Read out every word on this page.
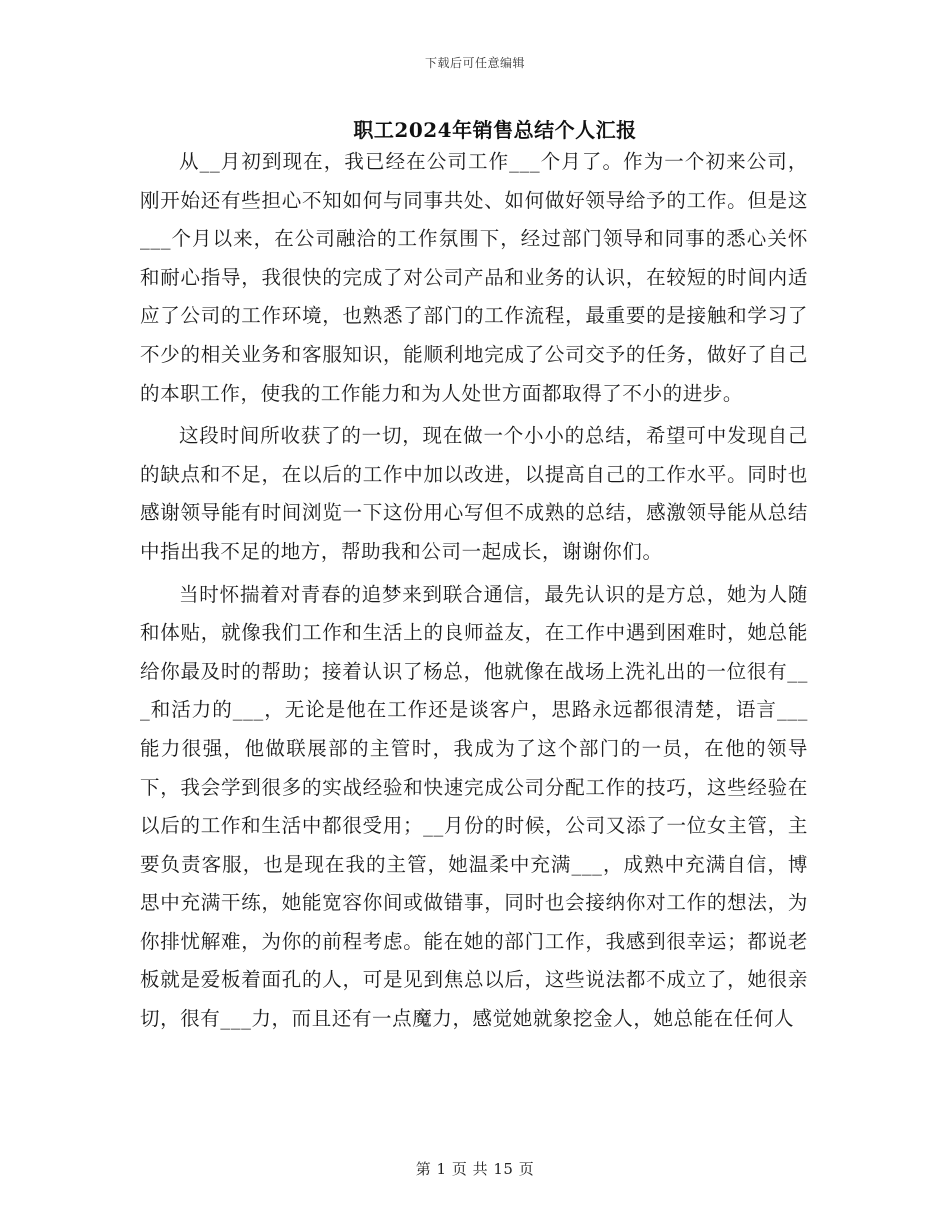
下载后可任意编辑
职工2024年销售总结个人汇报

从__月初到现在，我已经在公司工作___个月了。作为一个初来公司，刚开始还有些担心不知如何与同事共处、如何做好领导给予的工作。但是这___个月以来，在公司融洽的工作氛围下，经过部门领导和同事的悉心关怀和耐心指导，我很快的完成了对公司产品和业务的认识，在较短的时间内适应了公司的工作环境，也熟悉了部门的工作流程，最重要的是接触和学习了不少的相关业务和客服知识，能顺利地完成了公司交予的任务，做好了自己的本职工作，使我的工作能力和为人处世方面都取得了不小的进步。

这段时间所收获了的一切，现在做一个小小的总结，希望可中发现自己的缺点和不足，在以后的工作中加以改进，以提高自己的工作水平。同时也感谢领导能有时间浏览一下这份用心写但不成熟的总结，感激领导能从总结中指出我不足的地方，帮助我和公司一起成长，谢谢你们。

当时怀揣着对青春的追梦来到联合通信，最先认识的是方总，她为人随和体贴，就像我们工作和生活上的良师益友，在工作中遇到困难时，她总能给你最及时的帮助；接着认识了杨总，他就像在战场上洗礼出的一位很有___和活力的___，无论是他在工作还是谈客户，思路永远都很清楚，语言___能力很强，他做联展部的主管时，我成为了这个部门的一员，在他的领导下，我会学到很多的实战经验和快速完成公司分配工作的技巧，这些经验在以后的工作和生活中都很受用；__月份的时候，公司又添了一位女主管，主要负责客服，也是现在我的主管，她温柔中充满___，成熟中充满自信，博思中充满干练，她能宽容你间或做错事，同时也会接纳你对工作的想法，为你排忧解难，为你的前程考虑。能在她的部门工作，我感到很幸运；都说老板就是爱板着面孔的人，可是见到焦总以后，这些说法都不成立了，她很亲切，很有___力，而且还有一点魔力，感觉她就象挖金人，她总能在任何人

第 1 页 共 15 页
